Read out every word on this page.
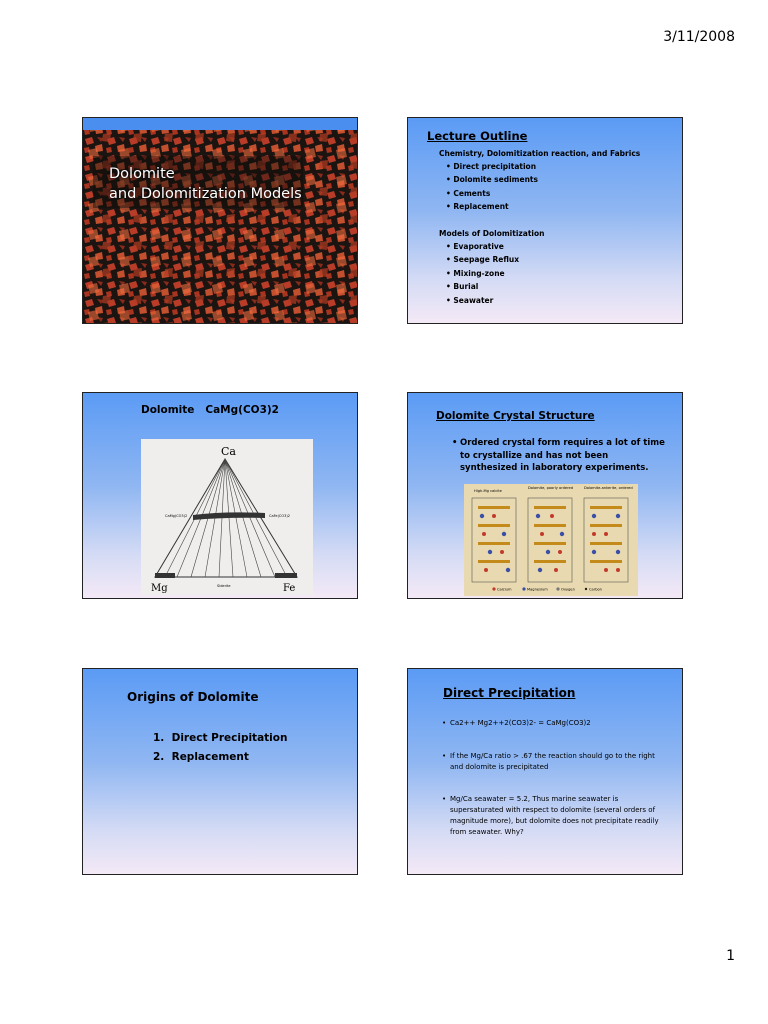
3/11/2008
Dolomite
and Dolomitization Models
Lecture Outline
Chemistry, Dolomitization reaction, and Fabrics
• Direct precipitation
• Dolomite sediments
• Cements
• Replacement
Models of Dolomitization
• Evaporative
• Seepage Reflux
• Mixing-zone
• Burial
• Seawater
Dolomite   CaMg(CO3)2
CaMg(CO3)2	CaFe(CO3)2
Siderite
Ca
Mg	Fe
Dolomite Crystal Structure
• Ordered crystal form requires a lot of time to crystallize and has not been synthesized in laboratory experiments.
High-Mg calcite
Dolomite, poorly ordered	Dolomite-ankerite, ordered
Calcium	Magnesium	Oxygen	Carbon
Origins of Dolomite
1.  Direct Precipitation
2.  Replacement
Direct Precipitation
• Ca2++ Mg2++2(CO3)2- = CaMg(CO3)2
• If the Mg/Ca ratio > .67 the reaction should go to the right and dolomite is precipitated
• Mg/Ca seawater = 5.2, Thus marine seawater is supersaturated with respect to dolomite (several orders of magnitude more), but dolomite does not precipitate readily from seawater. Why?
1
